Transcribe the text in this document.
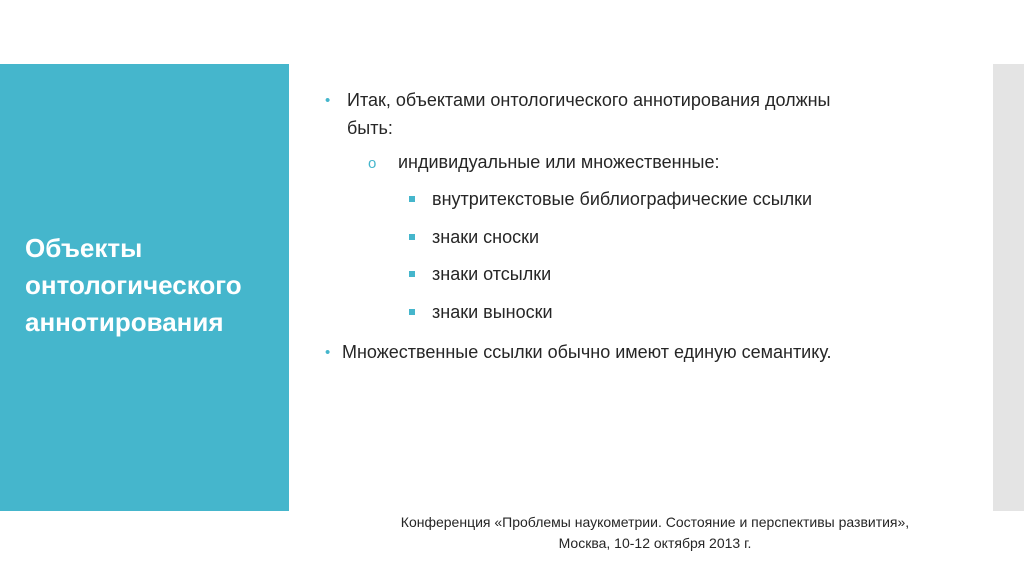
Объекты
онтологического
аннотирования
• Итак, объектами онтологического аннотирования должны
быть:
o индивидуальные или множественные:
внутритекстовые библиографические ссылки
знаки сноски
знаки отсылки
знаки выноски
• Множественные ссылки обычно имеют единую семантику.
Конференция «Проблемы наукометрии. Состояние и перспективы развития»,
Москва, 10-12 октября 2013 г.
